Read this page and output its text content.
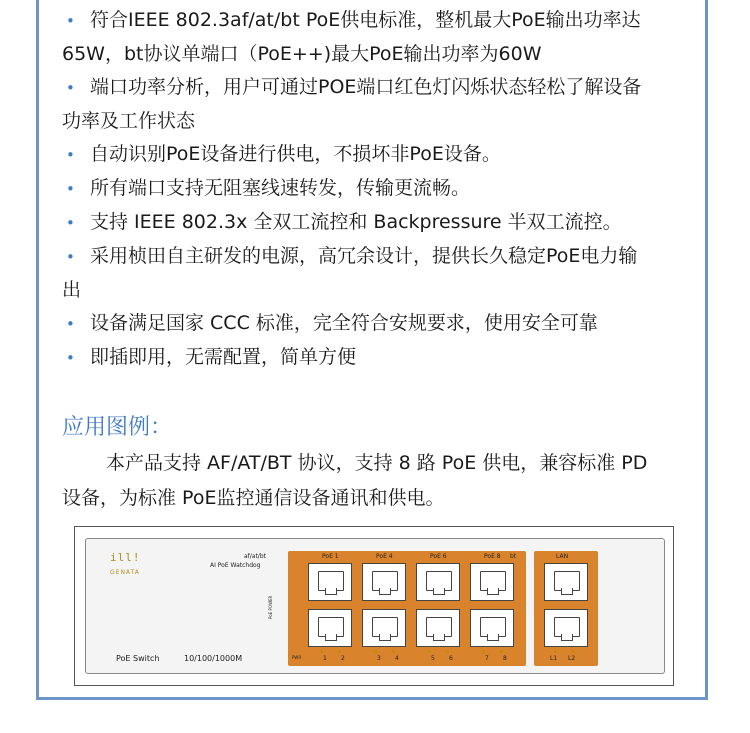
• 符合IEEE 802.3af/at/bt PoE供电标准，整机最大PoE输出功率达
65W，bt协议单端口（PoE++)最大PoE输出功率为60W
• 端口功率分析，用户可通过POE端口红色灯闪烁状态轻松了解设备
功率及工作状态
• 自动识别PoE设备进行供电，不损坏非PoE设备。
• 所有端口支持无阻塞线速转发，传输更流畅。
• 支持 IEEE 802.3x 全双工流控和 Backpressure 半双工流控。
• 采用桢田自主研发的电源，高冗余设计，提供长久稳定PoE电力输
出
• 设备满足国家 CCC 标准，完全符合安规要求，使用安全可靠
• 即插即用，无需配置，简单方便
应用图例：
本产品支持 AF/AT/BT 协议，支持 8 路 PoE 供电，兼容标准 PD
设备，为标准 PoE监控通信设备通讯和供电。
ill!
GENATA
af/at/bt
AI PoE Watchdog
PoE Switch	10/100/1000M
PoE 1	PoE 4	PoE 6	PoE 8 bt	LAN
PoE POWER
PWR	1 2	3 4	5 6	7 8	L1 L2
